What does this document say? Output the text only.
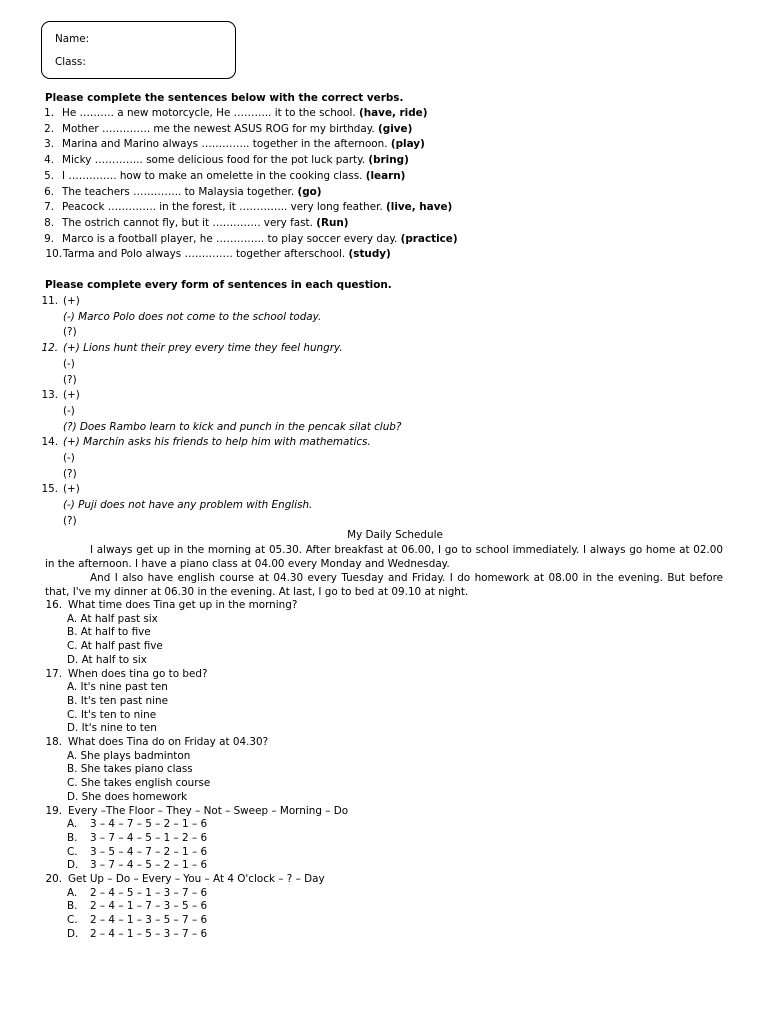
Name:
Class:
Please complete the sentences below with the correct verbs.
1. He ………. a new motorcycle, He ……….. it to the school. (have, ride)
2. Mother ………….. me the newest ASUS ROG for my birthday. (give)
3. Marina and Marino always ………….. together in the afternoon. (play)
4. Micky ………….. some delicious food for the pot luck party. (bring)
5. I ………….. how to make an omelette in the cooking class. (learn)
6. The teachers ………….. to Malaysia together. (go)
7. Peacock ………….. in the forest, it ………….. very long feather. (live, have)
8. The ostrich cannot fly, but it ………….. very fast. (Run)
9. Marco is a football player, he ………….. to play soccer every day. (practice)
10. Tarma and Polo always ………….. together afterschool. (study)
Please complete every form of sentences in each question.
11. (+)
(-) Marco Polo does not come to the school today.
(?)
12. (+) Lions hunt their prey every time they feel hungry.
(-)
(?)
13. (+)
(-)
(?) Does Rambo learn to kick and punch in the pencak silat club?
14. (+) Marchin asks his friends to help him with mathematics.
(-)
(?)
15. (+)
(-) Puji does not have any problem with English.
(?)
My Daily Schedule
I always get up in the morning at 05.30. After breakfast at 06.00, I go to school immediately. I always go home at 02.00 in the afternoon. I have a piano class at 04.00 every Monday and Wednesday.
And I also have english course at 04.30 every Tuesday and Friday. I do homework at 08.00 in the evening. But before that, I've my dinner at 06.30 in the evening. At last, I go to bed at 09.10 at night.
16. What time does Tina get up in the morning?
A. At half past six
B. At half to five
C. At half past five
D. At half to six
17. When does tina go to bed?
A. It's nine past ten
B. It's ten past nine
C. It's ten to nine
D. It's nine to ten
18. What does Tina do on Friday at 04.30?
A. She plays badminton
B. She takes piano class
C. She takes english course
D. She does homework
19. Every –The Floor – They – Not – Sweep – Morning – Do
A. 3 – 4 – 7 – 5 – 2 – 1 – 6
B. 3 – 7 – 4 – 5 – 1 – 2 – 6
C. 3 – 5 – 4 – 7 – 2 – 1 – 6
D. 3 – 7 – 4 – 5 – 2 – 1 – 6
20. Get Up – Do – Every – You – At 4 O'clock – ? – Day
A. 2 – 4 – 5 – 1 – 3 – 7 – 6
B. 2 – 4 – 1 – 7 – 3 – 5 – 6
C. 2 – 4 – 1 – 3 – 5 – 7 – 6
D. 2 – 4 – 1 – 5 – 3 – 7 – 6
